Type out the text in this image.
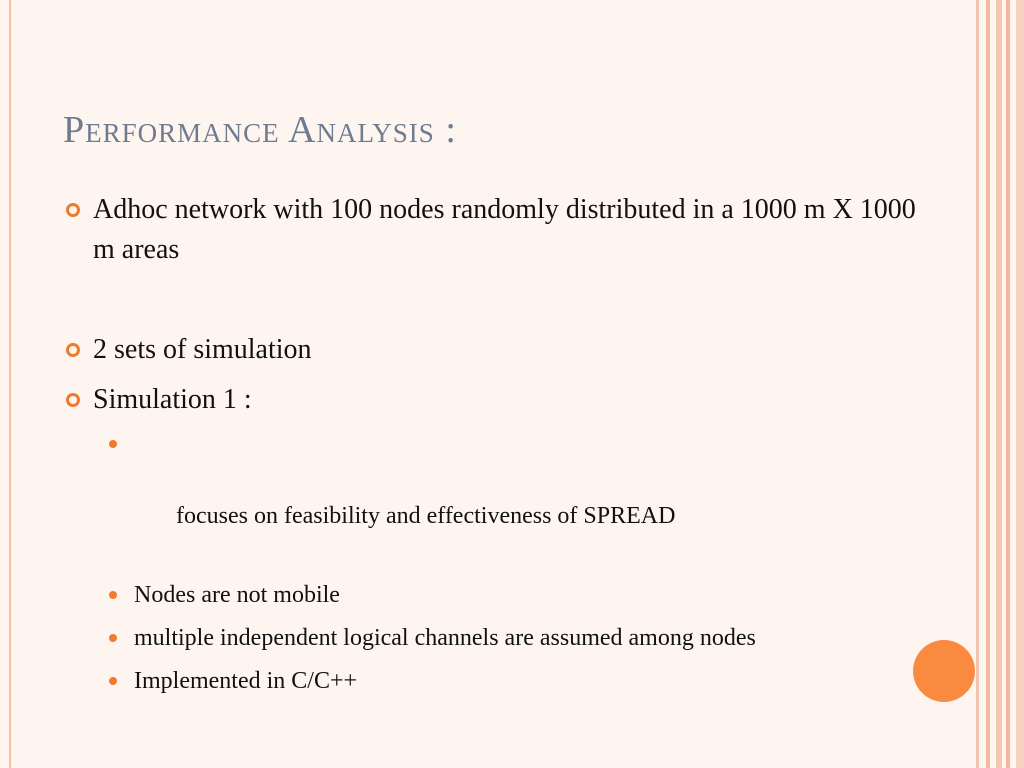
Performance Analysis :
Adhoc network with 100 nodes randomly distributed in a 1000 m X 1000 m areas
2 sets of simulation
Simulation 1 :

focuses on feasibility and effectiveness of SPREAD

Nodes are not mobile
multiple independent logical channels are assumed among nodes
Implemented in C/C++
